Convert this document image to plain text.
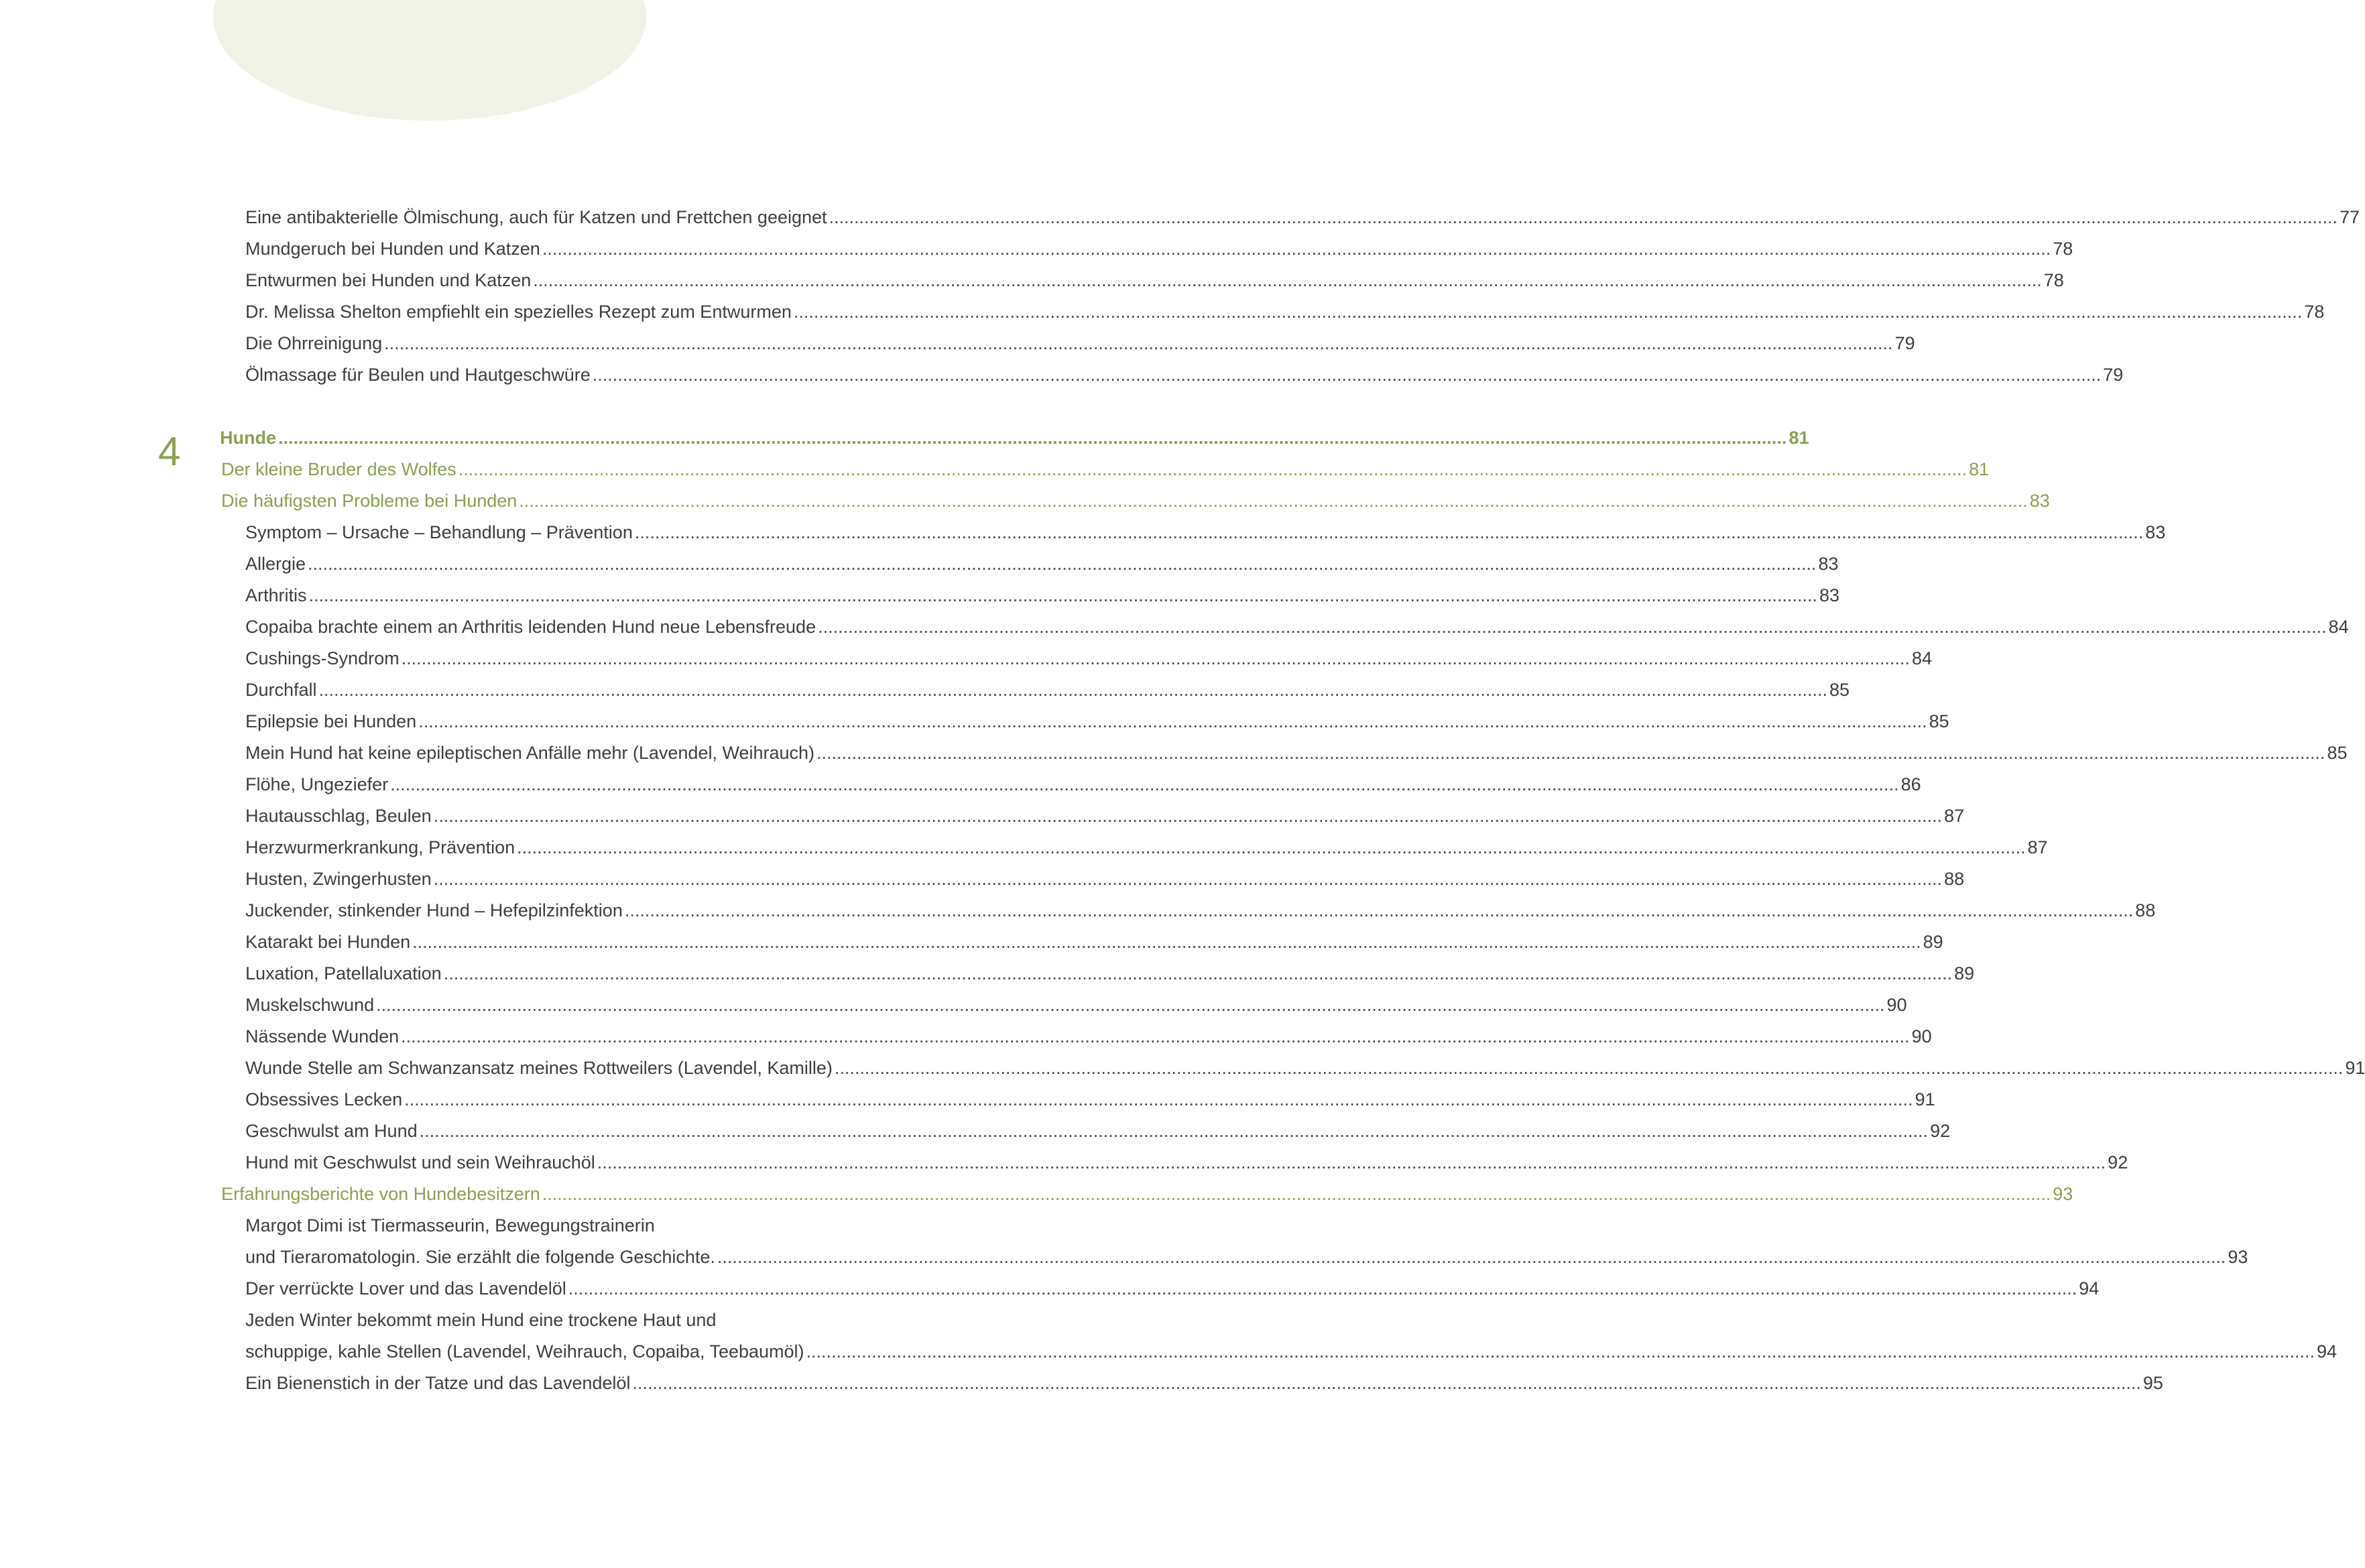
4
Eine antibakterielle Ölmischung, auch für Katzen und Frettchen geeignet ............................................................................................................................................................................................................................................................................................................ 77
Mundgeruch bei Hunden und Katzen ............................................................................................................................................................................................................................................................................................................ 78
Entwurmen bei Hunden und Katzen ............................................................................................................................................................................................................................................................................................................ 78
Dr. Melissa Shelton empfiehlt ein spezielles Rezept zum Entwurmen ............................................................................................................................................................................................................................................................................................................ 78
Die Ohrreinigung ............................................................................................................................................................................................................................................................................................................ 79
Ölmassage für Beulen und Hautgeschwüre ............................................................................................................................................................................................................................................................................................................ 79
Hunde ............................................................................................................................................................................................................................................................................................................ 81
Der kleine Bruder des Wolfes ............................................................................................................................................................................................................................................................................................................ 81
Die häufigsten Probleme bei Hunden ............................................................................................................................................................................................................................................................................................................ 83
Symptom – Ursache – Behandlung – Prävention ............................................................................................................................................................................................................................................................................................................ 83
Allergie ............................................................................................................................................................................................................................................................................................................ 83
Arthritis ............................................................................................................................................................................................................................................................................................................ 83
Copaiba brachte einem an Arthritis leidenden Hund neue Lebensfreude ............................................................................................................................................................................................................................................................................................................ 84
Cushings-Syndrom ............................................................................................................................................................................................................................................................................................................ 84
Durchfall ............................................................................................................................................................................................................................................................................................................ 85
Epilepsie bei Hunden ............................................................................................................................................................................................................................................................................................................ 85
Mein Hund hat keine epileptischen Anfälle mehr (Lavendel, Weihrauch) ............................................................................................................................................................................................................................................................................................................ 85
Flöhe, Ungeziefer ............................................................................................................................................................................................................................................................................................................ 86
Hautausschlag, Beulen ............................................................................................................................................................................................................................................................................................................ 87
Herzwurmerkrankung, Prävention ............................................................................................................................................................................................................................................................................................................ 87
Husten, Zwingerhusten ............................................................................................................................................................................................................................................................................................................ 88
Juckender, stinkender Hund – Hefepilzinfektion ............................................................................................................................................................................................................................................................................................................ 88
Katarakt bei Hunden ............................................................................................................................................................................................................................................................................................................ 89
Luxation, Patellaluxation ............................................................................................................................................................................................................................................................................................................ 89
Muskelschwund ............................................................................................................................................................................................................................................................................................................ 90
Nässende Wunden ............................................................................................................................................................................................................................................................................................................ 90
Wunde Stelle am Schwanzansatz meines Rottweilers (Lavendel, Kamille) ............................................................................................................................................................................................................................................................................................................ 91
Obsessives Lecken ............................................................................................................................................................................................................................................................................................................ 91
Geschwulst am Hund ............................................................................................................................................................................................................................................................................................................ 92
Hund mit Geschwulst und sein Weihrauchöl ............................................................................................................................................................................................................................................................................................................ 92
Erfahrungsberichte von Hundebesitzern ............................................................................................................................................................................................................................................................................................................ 93
Margot Dimi ist Tiermasseurin, Bewegungstrainerin
und Tieraromatologin. Sie erzählt die folgende Geschichte. ............................................................................................................................................................................................................................................................................................................ 93
Der verrückte Lover und das Lavendelöl ............................................................................................................................................................................................................................................................................................................ 94
Jeden Winter bekommt mein Hund eine trockene Haut und
schuppige, kahle Stellen (Lavendel, Weihrauch, Copaiba, Teebaumöl) ............................................................................................................................................................................................................................................................................................................ 94
Ein Bienenstich in der Tatze und das Lavendelöl ............................................................................................................................................................................................................................................................................................................ 95
